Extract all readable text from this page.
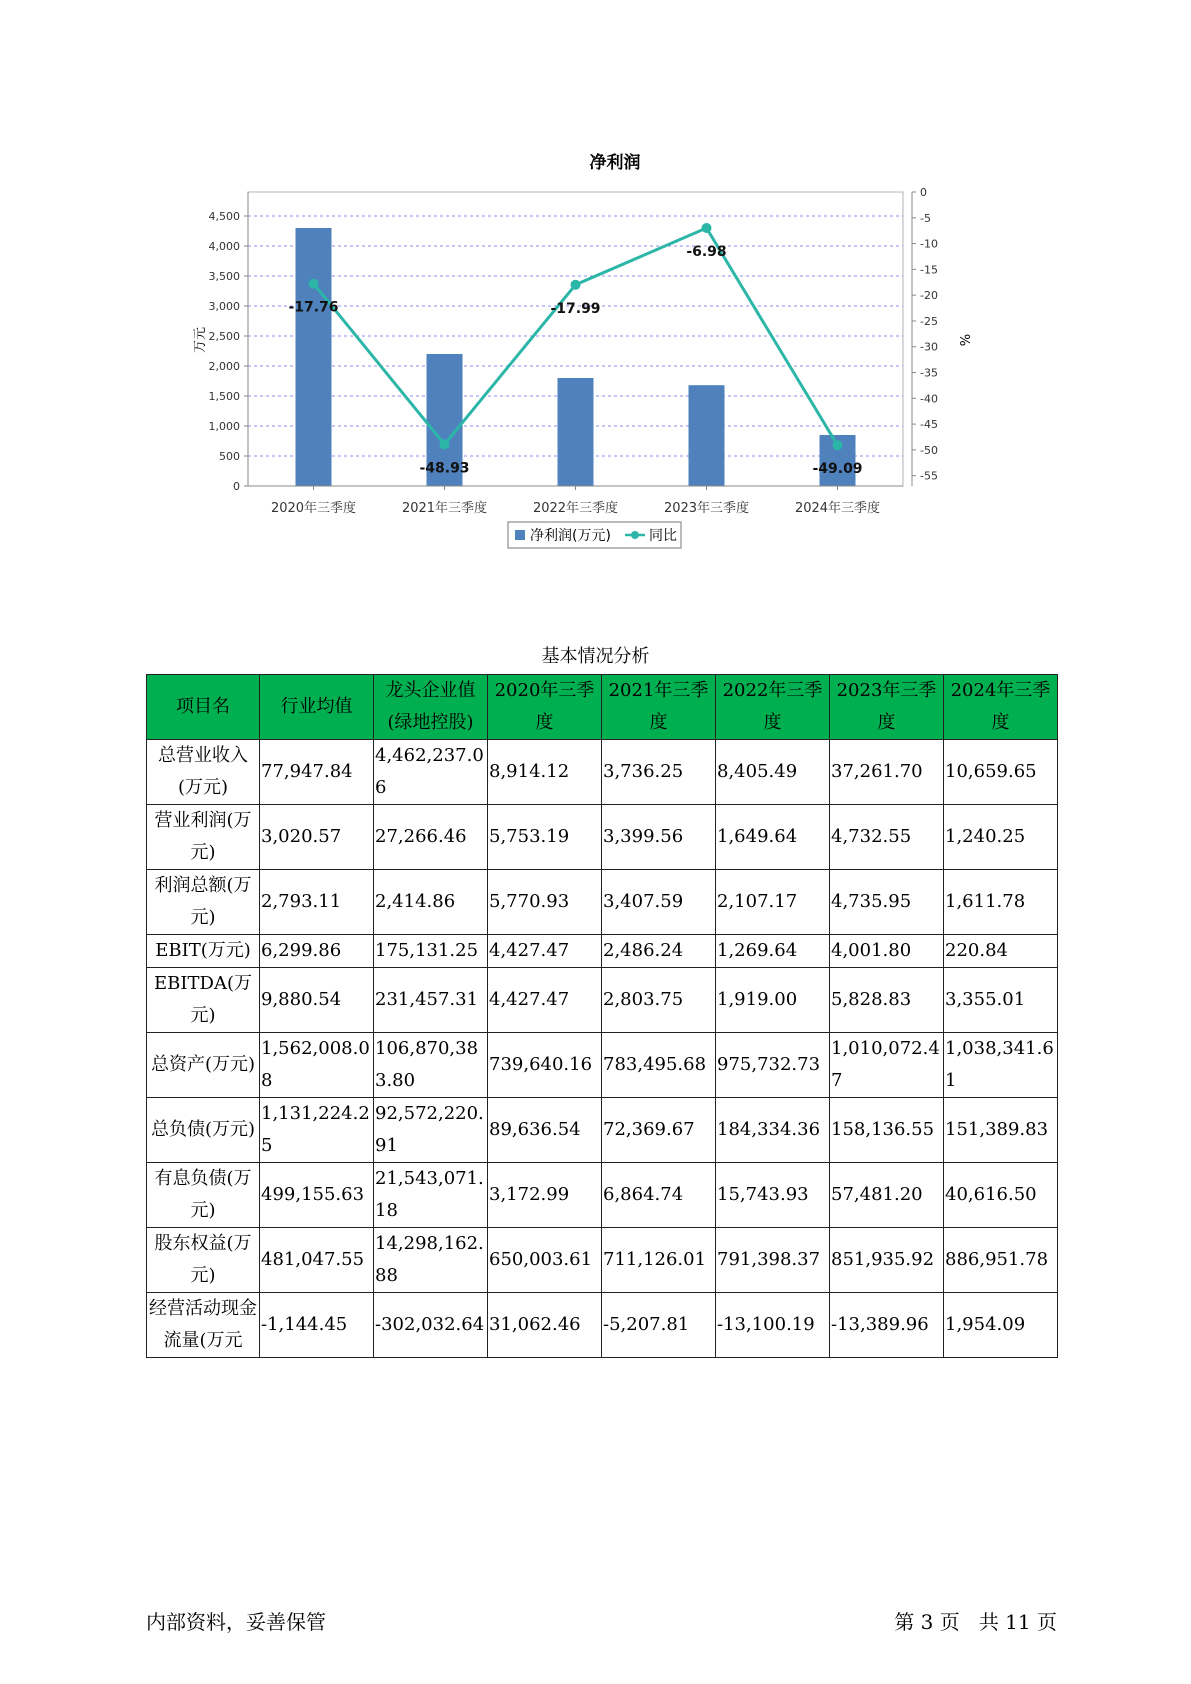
净利润
0
500
1,000
1,500
2,000
2,500
3,000
3,500
4,000
4,500
0
-5
-10
-15
-20
-25
-30
-35
-40
-45
-50
-55
-17.76
-48.93
-17.99
-6.98
-49.09
2020年三季度	2021年三季度	2022年三季度	2023年三季度	2024年三季度
万元	%
净利润(万元)	同比
基本情况分析
项目名	行业均值	龙头企业值(绿地控股)	2020年三季度	2021年三季度	2022年三季度	2023年三季度	2024年三季度
总营业收入(万元)	77,947.84	4,462,237.06	8,914.12	3,736.25	8,405.49	37,261.70	10,659.65
营业利润(万元)	3,020.57	27,266.46	5,753.19	3,399.56	1,649.64	4,732.55	1,240.25
利润总额(万元)	2,793.11	2,414.86	5,770.93	3,407.59	2,107.17	4,735.95	1,611.78
EBIT(万元)	6,299.86	175,131.25	4,427.47	2,486.24	1,269.64	4,001.80	220.84
EBITDA(万元)	9,880.54	231,457.31	4,427.47	2,803.75	1,919.00	5,828.83	3,355.01
总资产(万元)	1,562,008.08	106,870,383.80	739,640.16	783,495.68	975,732.73	1,010,072.47	1,038,341.61
总负债(万元)	1,131,224.25	92,572,220.91	89,636.54	72,369.67	184,334.36	158,136.55	151,389.83
有息负债(万元)	499,155.63	21,543,071.18	3,172.99	6,864.74	15,743.93	57,481.20	40,616.50
股东权益(万元)	481,047.55	14,298,162.88	650,003.61	711,126.01	791,398.37	851,935.92	886,951.78
经营活动现金流量(万元	-1,144.45	-302,032.64	31,062.46	-5,207.81	-13,100.19	-13,389.96	1,954.09
内部资料，妥善保管	第 3 页   共 11 页
